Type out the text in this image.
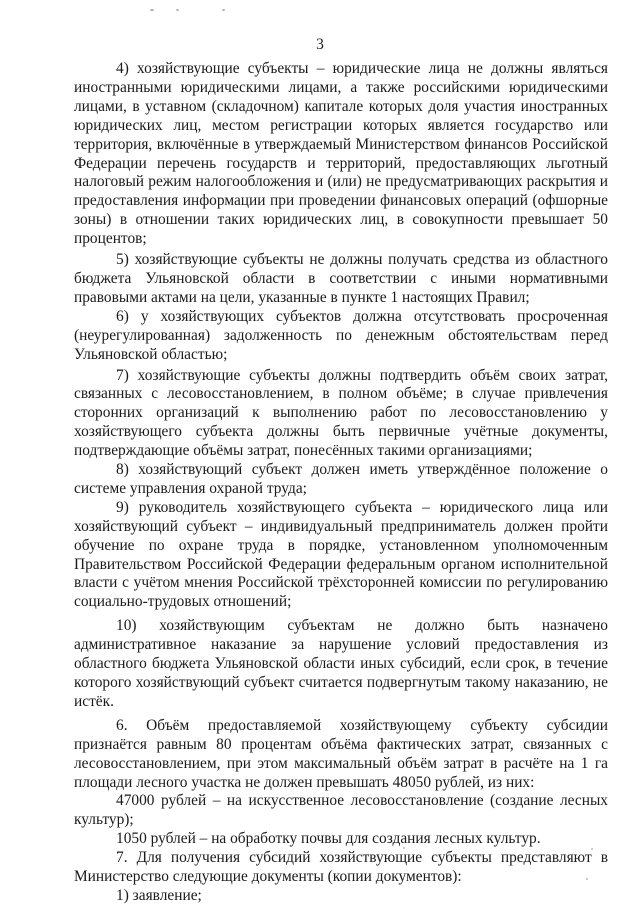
3

4) хозяйствующие субъекты – юридические лица не должны являться иностранными юридическими лицами, а также российскими юридическими лицами, в уставном (складочном) капитале которых доля участия иностранных юридических лиц, местом регистрации которых является государство или территория, включённые в утверждаемый Министерством финансов Российской Федерации перечень государств и территорий, предоставляющих льготный налоговый режим налогообложения и (или) не предусматривающих раскрытия и предоставления информации при проведении финансовых операций (офшорные зоны) в отношении таких юридических лиц, в совокупности превышает 50 процентов;

5) хозяйствующие субъекты не должны получать средства из областного бюджета Ульяновской области в соответствии с иными нормативными правовыми актами на цели, указанные в пункте 1 настоящих Правил;

6) у хозяйствующих субъектов должна отсутствовать просроченная (неурегулированная) задолженность по денежным обстоятельствам перед Ульяновской областью;

7) хозяйствующие субъекты должны подтвердить объём своих затрат, связанных с лесовосстановлением, в полном объёме; в случае привлечения сторонних организаций к выполнению работ по лесовосстановлению у хозяйствующего субъекта должны быть первичные учётные документы, подтверждающие объёмы затрат, понесённых такими организациями;

8) хозяйствующий субъект должен иметь утверждённое положение о системе управления охраной труда;

9) руководитель хозяйствующего субъекта – юридического лица или хозяйствующий субъект – индивидуальный предприниматель должен пройти обучение по охране труда в порядке, установленном уполномоченным Правительством Российской Федерации федеральным органом исполнительной власти с учётом мнения Российской трёхсторонней комиссии по регулированию социально-трудовых отношений;

10) хозяйствующим субъектам не должно быть назначено административное наказание за нарушение условий предоставления из областного бюджета Ульяновской области иных субсидий, если срок, в течение которого хозяйствующий субъект считается подвергнутым такому наказанию, не истёк.

6. Объём предоставляемой хозяйствующему субъекту субсидии признаётся равным 80 процентам объёма фактических затрат, связанных с лесовосстановлением, при этом максимальный объём затрат в расчёте на 1 га площади лесного участка не должен превышать 48050 рублей, из них:

47000 рублей – на искусственное лесовосстановление (создание лесных культур);

1050 рублей – на обработку почвы для создания лесных культур.

7. Для получения субсидий хозяйствующие субъекты представляют в Министерство следующие документы (копии документов):

1) заявление;
